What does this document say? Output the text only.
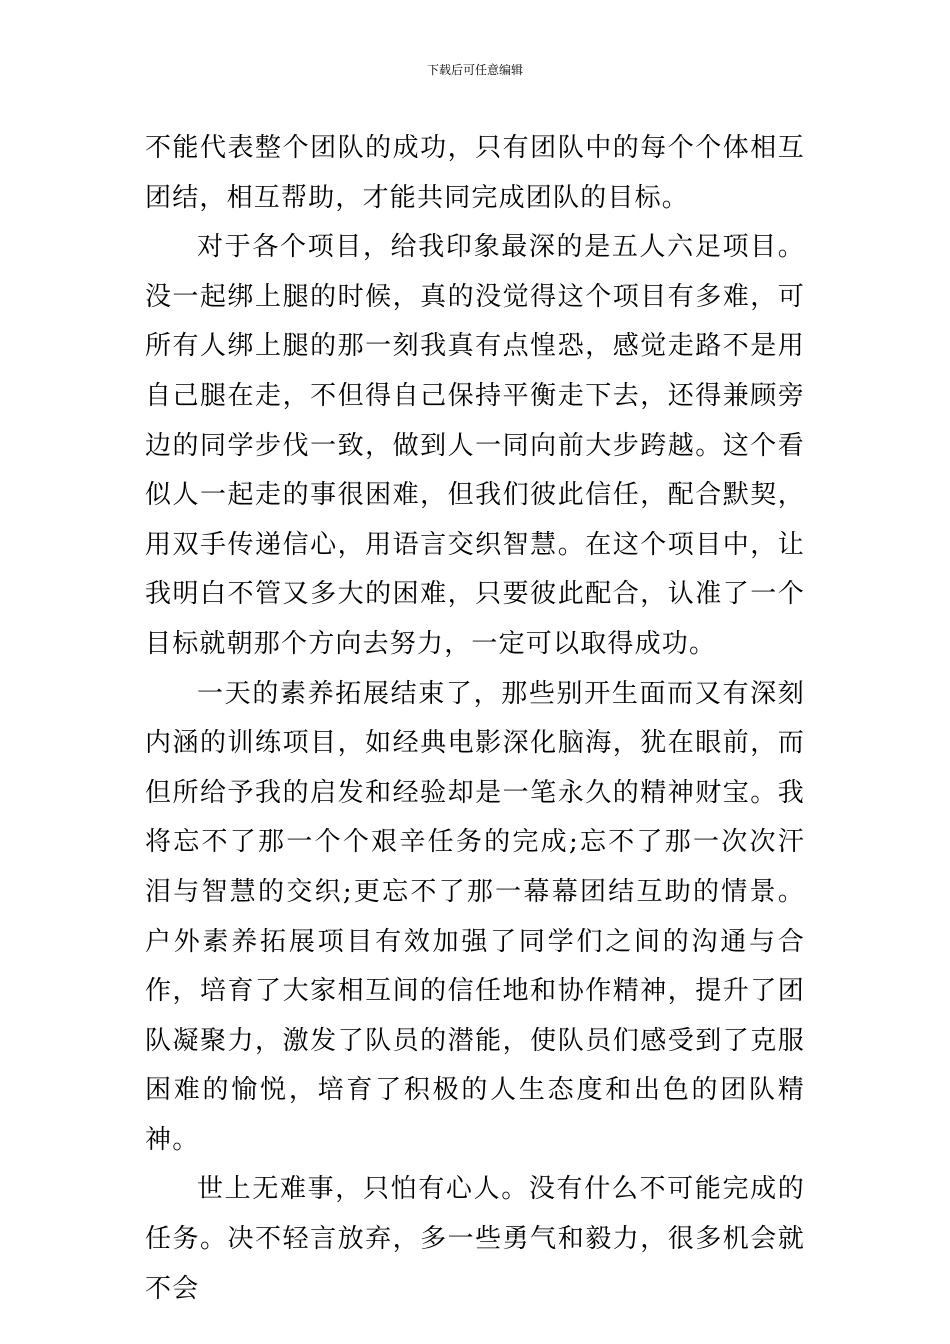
下载后可任意编辑

不能代表整个团队的成功，只有团队中的每个个体相互团结，相互帮助，才能共同完成团队的目标。

对于各个项目，给我印象最深的是五人六足项目。没一起绑上腿的时候，真的没觉得这个项目有多难，可所有人绑上腿的那一刻我真有点惶恐，感觉走路不是用自己腿在走，不但得自己保持平衡走下去，还得兼顾旁边的同学步伐一致，做到人一同向前大步跨越。这个看似人一起走的事很困难，但我们彼此信任，配合默契，用双手传递信心，用语言交织智慧。在这个项目中，让我明白不管又多大的困难，只要彼此配合，认准了一个目标就朝那个方向去努力，一定可以取得成功。

一天的素养拓展结束了，那些别开生面而又有深刻内涵的训练项目，如经典电影深化脑海，犹在眼前，而但所给予我的启发和经验却是一笔永久的精神财宝。我将忘不了那一个个艰辛任务的完成;忘不了那一次次汗泪与智慧的交织;更忘不了那一幕幕团结互助的情景。户外素养拓展项目有效加强了同学们之间的沟通与合作，培育了大家相互间的信任地和协作精神，提升了团队凝聚力，激发了队员的潜能，使队员们感受到了克服困难的愉悦，培育了积极的人生态度和出色的团队精神。

世上无难事，只怕有心人。没有什么不可能完成的任务。决不轻言放弃，多一些勇气和毅力，很多机会就不会
